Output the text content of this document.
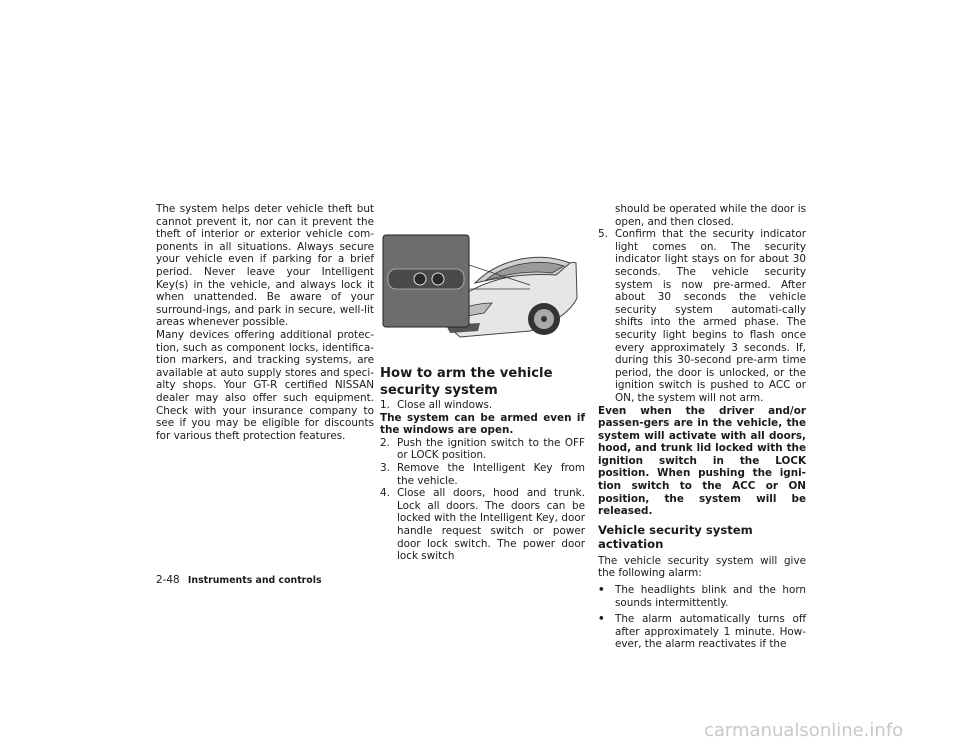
The system helps deter vehicle theft but cannot prevent it, nor can it prevent the theft of interior or exterior vehicle com-ponents in all situations. Always secure your vehicle even if parking for a brief period. Never leave your Intelligent Key(s) in the vehicle, and always lock it when unattended. Be aware of your surround-ings, and park in secure, well-lit areas whenever possible.

Many devices offering additional protec-tion, such as component locks, identifica-tion markers, and tracking systems, are available at auto supply stores and speci-alty shops. Your GT-R certified NISSAN dealer may also offer such equipment. Check with your insurance company to see if you may be eligible for discounts for various theft protection features.

How to arm the vehicle security system
1. Close all windows.

The system can be armed even if the windows are open.

2. Push the ignition switch to the OFF or LOCK position.
3. Remove the Intelligent Key from the vehicle.
4. Close all doors, hood and trunk. Lock all doors. The doors can be locked with the Intelligent Key, door handle request switch or power door lock switch. The power door lock switch
should be operated while the door is open, and then closed.
5. Confirm that the security indicator light comes on. The security indicator light stays on for about 30 seconds. The vehicle security system is now pre-armed. After about 30 seconds the vehicle security system automati-cally shifts into the armed phase. The security light begins to flash once every approximately 3 seconds. If, during this 30-second pre-arm time period, the door is unlocked, or the ignition switch is pushed to ACC or ON, the system will not arm.

Even when the driver and/or passen-gers are in the vehicle, the system will activate with all doors, hood, and trunk lid locked with the ignition switch in the LOCK position. When pushing the igni-tion switch to the ACC or ON position, the system will be released.

Vehicle security system activation

The vehicle security system will give the following alarm:

• The headlights blink and the horn sounds intermittently.
• The alarm automatically turns off after approximately 1 minute. How-ever, the alarm reactivates if the
2-48 Instruments and controls
carmanualsonline.info
